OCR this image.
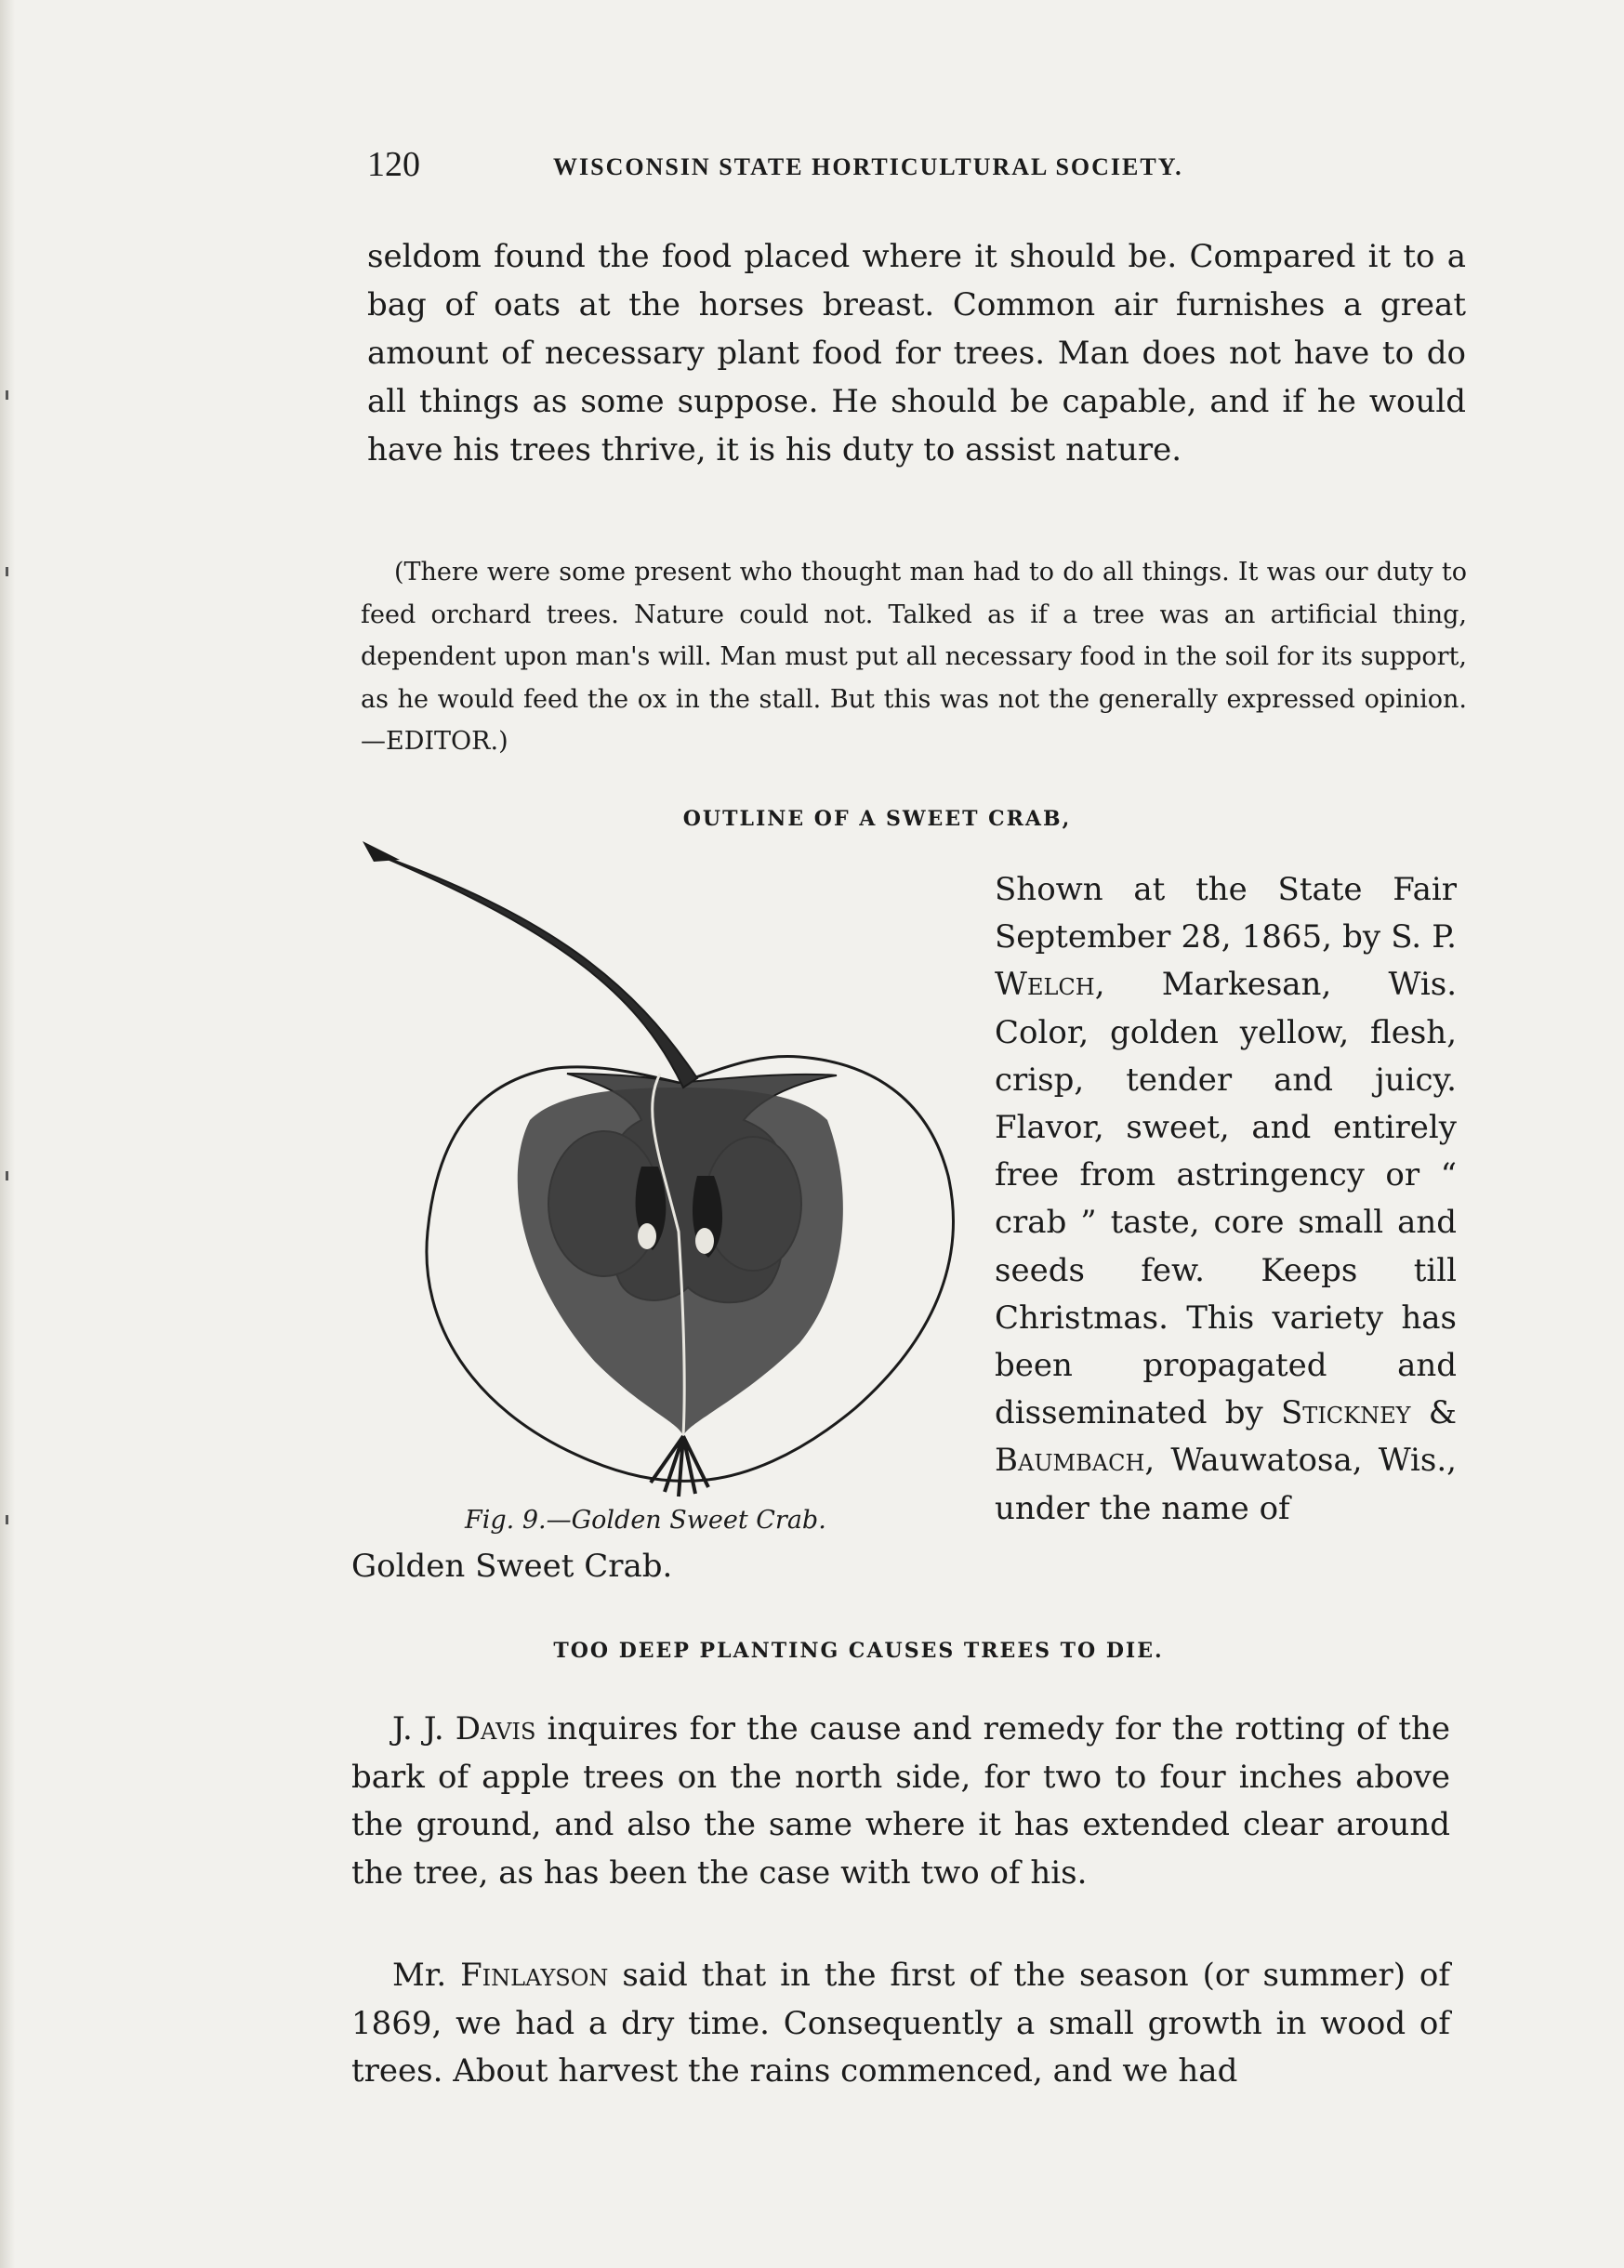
120	WISCONSIN STATE HORTICULTURAL SOCIETY.
seldom found the food placed where it should be. Compared it to a bag of oats at the horses breast. Common air furnishes a great amount of necessary plant food for trees. Man does not have to do all things as some suppose. He should be capable, and if he would have his trees thrive, it is his duty to assist nature.
(There were some present who thought man had to do all things. It was our duty to feed orchard trees. Nature could not. Talked as if a tree was an artificial thing, dependent upon man's will. Man must put all necessary food in the soil for its support, as he would feed the ox in the stall. But this was not the generally expressed opinion.—EDITOR.)
OUTLINE OF A SWEET CRAB,
Shown at the State Fair September 28, 1865, by S. P. Welch, Markesan, Wis. Color, golden yellow, flesh, crisp, tender and juicy. Flavor, sweet, and entirely free from astringency or “ crab ” taste, core small and seeds few. Keeps till Christmas. This variety has been propagated and disseminated by Stickney & Baumbach, Wauwatosa, Wis., under the name of
Fig. 9.—Golden Sweet Crab.
Golden Sweet Crab.
TOO DEEP PLANTING CAUSES TREES TO DIE.
J. J. Davis inquires for the cause and remedy for the rotting of the bark of apple trees on the north side, for two to four inches above the ground, and also the same where it has extended clear around the tree, as has been the case with two of his.
Mr. Finlayson said that in the first of the season (or summer) of 1869, we had a dry time. Consequently a small growth in wood of trees. About harvest the rains commenced, and we had
